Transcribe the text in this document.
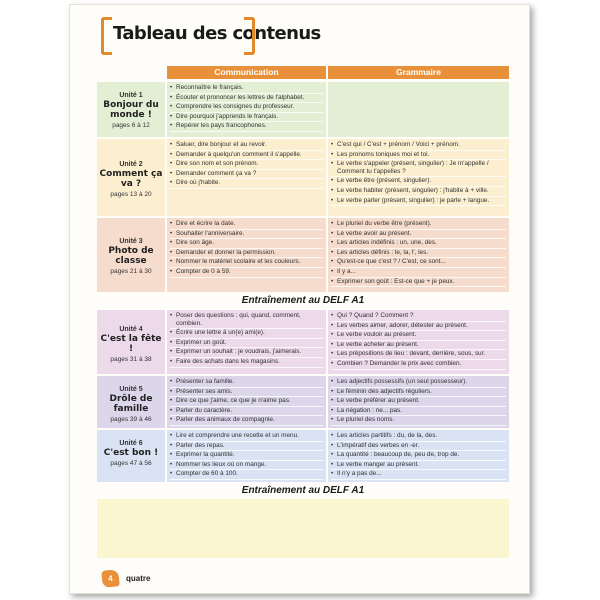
Tableau des contenus
Communication	Grammaire
Unité 1
Bonjour du monde !
pages 6 à 12
• Reconnaître le français.
• Écouter et prononcer les lettres de l'alphabet.
• Comprendre les consignes du professeur.
• Dire pourquoi j'apprends le français.
• Repérer les pays francophones.
Unité 2
Comment ça va ?
pages 13 à 20
• Saluer, dire bonjour et au revoir.
• Demander à quelqu'un comment il s'appelle.
• Dire son nom et son prénom.
• Demander comment ça va ?
• Dire où j'habite.
• C'est qui / C'est + prénom / Voici + prénom.
• Les pronoms toniques moi et toi.
• Le verbe s'appeler (présent, singulier) : Je m'appelle / Comment tu t'appelles ?
• Le verbe être (présent, singulier).
• Le verbe habiter (présent, singulier) : j'habite à + ville.
• Le verbe parler (présent, singulier) : je parle + langue.
Unité 3
Photo de classe
pages 21 à 30
• Dire et écrire la date.
• Souhaiter l'anniversaire.
• Dire son âge.
• Demander et donner la permission.
• Nommer le matériel scolaire et les couleurs.
• Compter de 0 à 59.
• Le pluriel du verbe être (présent).
• Le verbe avoir au présent.
• Les articles indéfinis : un, une, des.
• Les articles définis : le, la, l', les.
• Qu'est-ce que c'est ? / C'est, ce sont...
• Il y a...
• Exprimer son goût : Est-ce que + je peux.
Entraînement au DELF A1
Unité 4
C'est la fête !
pages 31 à 38
• Poser des questions : qui, quand, comment, combien.
• Écrire une lettre à un(e) ami(e).
• Exprimer un goût.
• Exprimer un souhait : je voudrais, j'aimerais.
• Faire des achats dans les magasins.
• Qui ? Quand ? Comment ?
• Les verbes aimer, adorer, détester au présent.
• Le verbe vouloir au présent.
• Le verbe acheter au présent.
• Les prépositions de lieu : devant, derrière, sous, sur.
• Combien ? Demander le prix avec combien.
Unité 5
Drôle de famille
pages 39 à 46
• Présenter sa famille.
• Présenter ses amis.
• Dire ce que j'aime, ce que je n'aime pas.
• Parler du caractère.
• Parler des animaux de compagnie.
• Les adjectifs possessifs (un seul possesseur).
• Le féminin des adjectifs réguliers.
• Le verbe préférer au présent.
• La négation : ne... pas.
• Le pluriel des noms.
Unité 6
C'est bon !
pages 47 à 56
• Lire et comprendre une recette et un menu.
• Parler des repas.
• Exprimer la quantité.
• Nommer les lieux où on mange.
• Compter de 60 à 100.
• Les articles partitifs : du, de la, des.
• L'impératif des verbes en -er.
• La quantité : beaucoup de, peu de, trop de.
• Le verbe manger au présent.
• Il n'y a pas de...
Entraînement au DELF A1
4	quatre
